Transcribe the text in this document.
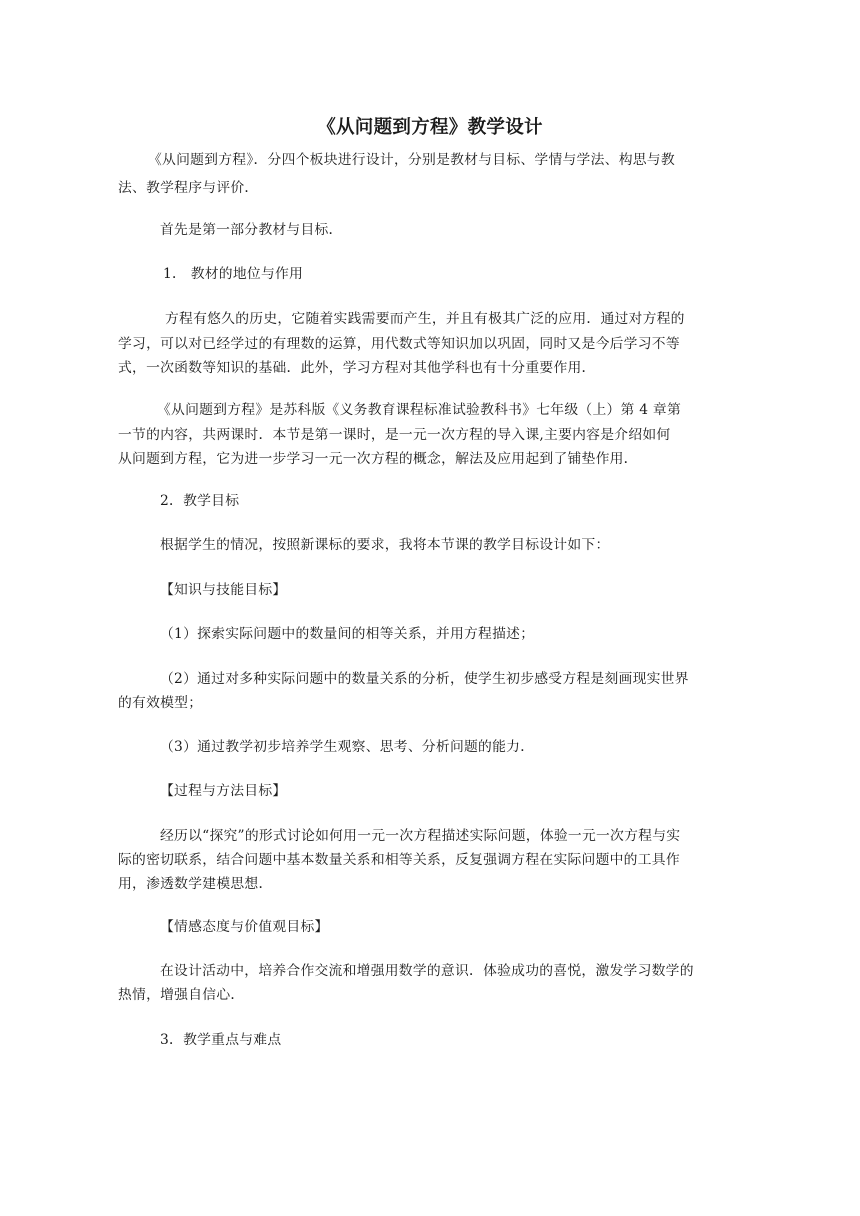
《从问题到方程》教学设计
《从问题到方程》．分四个板块进行设计，分别是教材与目标、学情与学法、构思与教
法、教学程序与评价．
首先是第一部分教材与目标．
1． 教材的地位与作用
方程有悠久的历史，它随着实践需要而产生，并且有极其广泛的应用．通过对方程的
学习，可以对已经学过的有理数的运算，用代数式等知识加以巩固，同时又是今后学习不等
式，一次函数等知识的基础．此外，学习方程对其他学科也有十分重要作用．
《从问题到方程》是苏科版《义务教育课程标准试验教科书》七年级（上）第 4 章第
一节的内容，共两课时．本节是第一课时，是一元一次方程的导入课,主要内容是介绍如何
从问题到方程，它为进一步学习一元一次方程的概念，解法及应用起到了铺垫作用．
2．教学目标
根据学生的情况，按照新课标的要求，我将本节课的教学目标设计如下：
【知识与技能目标】
（1）探索实际问题中的数量间的相等关系，并用方程描述；
（2）通过对多种实际问题中的数量关系的分析，使学生初步感受方程是刻画现实世界
的有效模型；
（3）通过教学初步培养学生观察、思考、分析问题的能力．
【过程与方法目标】
经历以“探究”的形式讨论如何用一元一次方程描述实际问题，体验一元一次方程与实
际的密切联系，结合问题中基本数量关系和相等关系，反复强调方程在实际问题中的工具作
用，渗透数学建模思想．
【情感态度与价值观目标】
在设计活动中，培养合作交流和增强用数学的意识．体验成功的喜悦，激发学习数学的
热情，增强自信心．
3．教学重点与难点
